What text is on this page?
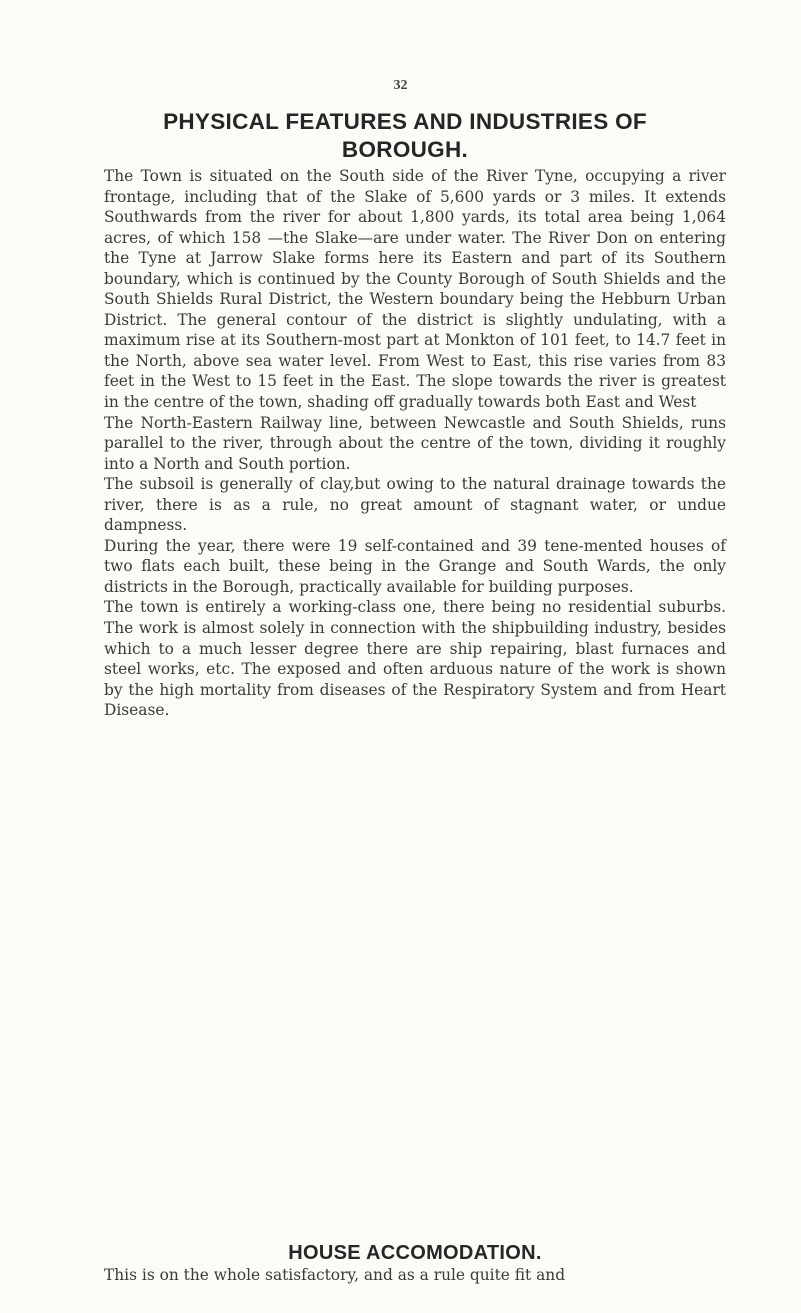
32
PHYSICAL FEATURES AND INDUSTRIES OF
BOROUGH.

The Town is situated on the South side of the River Tyne, occupying a river frontage, including that of the Slake of 5,600 yards or 3 miles. It extends Southwards from the river for about 1,800 yards, its total area being 1,064 acres, of which 158 —the Slake—are under water. The River Don on entering the Tyne at Jarrow Slake forms here its Eastern and part of its Southern boundary, which is continued by the County Borough of South Shields and the South Shields Rural District, the Western boundary being the Hebburn Urban District. The general contour of the district is slightly undulating, with a maximum rise at its Southern-most part at Monkton of 101 feet, to 14.7 feet in the North, above sea water level. From West to East, this rise varies from 83 feet in the West to 15 feet in the East. The slope towards the river is greatest in the centre of the town, shading off gradually towards both East and West

The North-Eastern Railway line, between Newcastle and South Shields, runs parallel to the river, through about the centre of the town, dividing it roughly into a North and South portion.

The subsoil is generally of clay,but owing to the natural drainage towards the river, there is as a rule, no great amount of stagnant water, or undue dampness.

During the year, there were 19 self-contained and 39 tene-mented houses of two flats each built, these being in the Grange and South Wards, the only districts in the Borough, practically available for building purposes.

The town is entirely a working-class one, there being no residential suburbs. The work is almost solely in connection with the shipbuilding industry, besides which to a much lesser degree there are ship repairing, blast furnaces and steel works, etc. The exposed and often arduous nature of the work is shown by the high mortality from diseases of the Respiratory System and from Heart Disease.

HOUSE ACCOMODATION.

This is on the whole satisfactory, and as a rule quite fit and
